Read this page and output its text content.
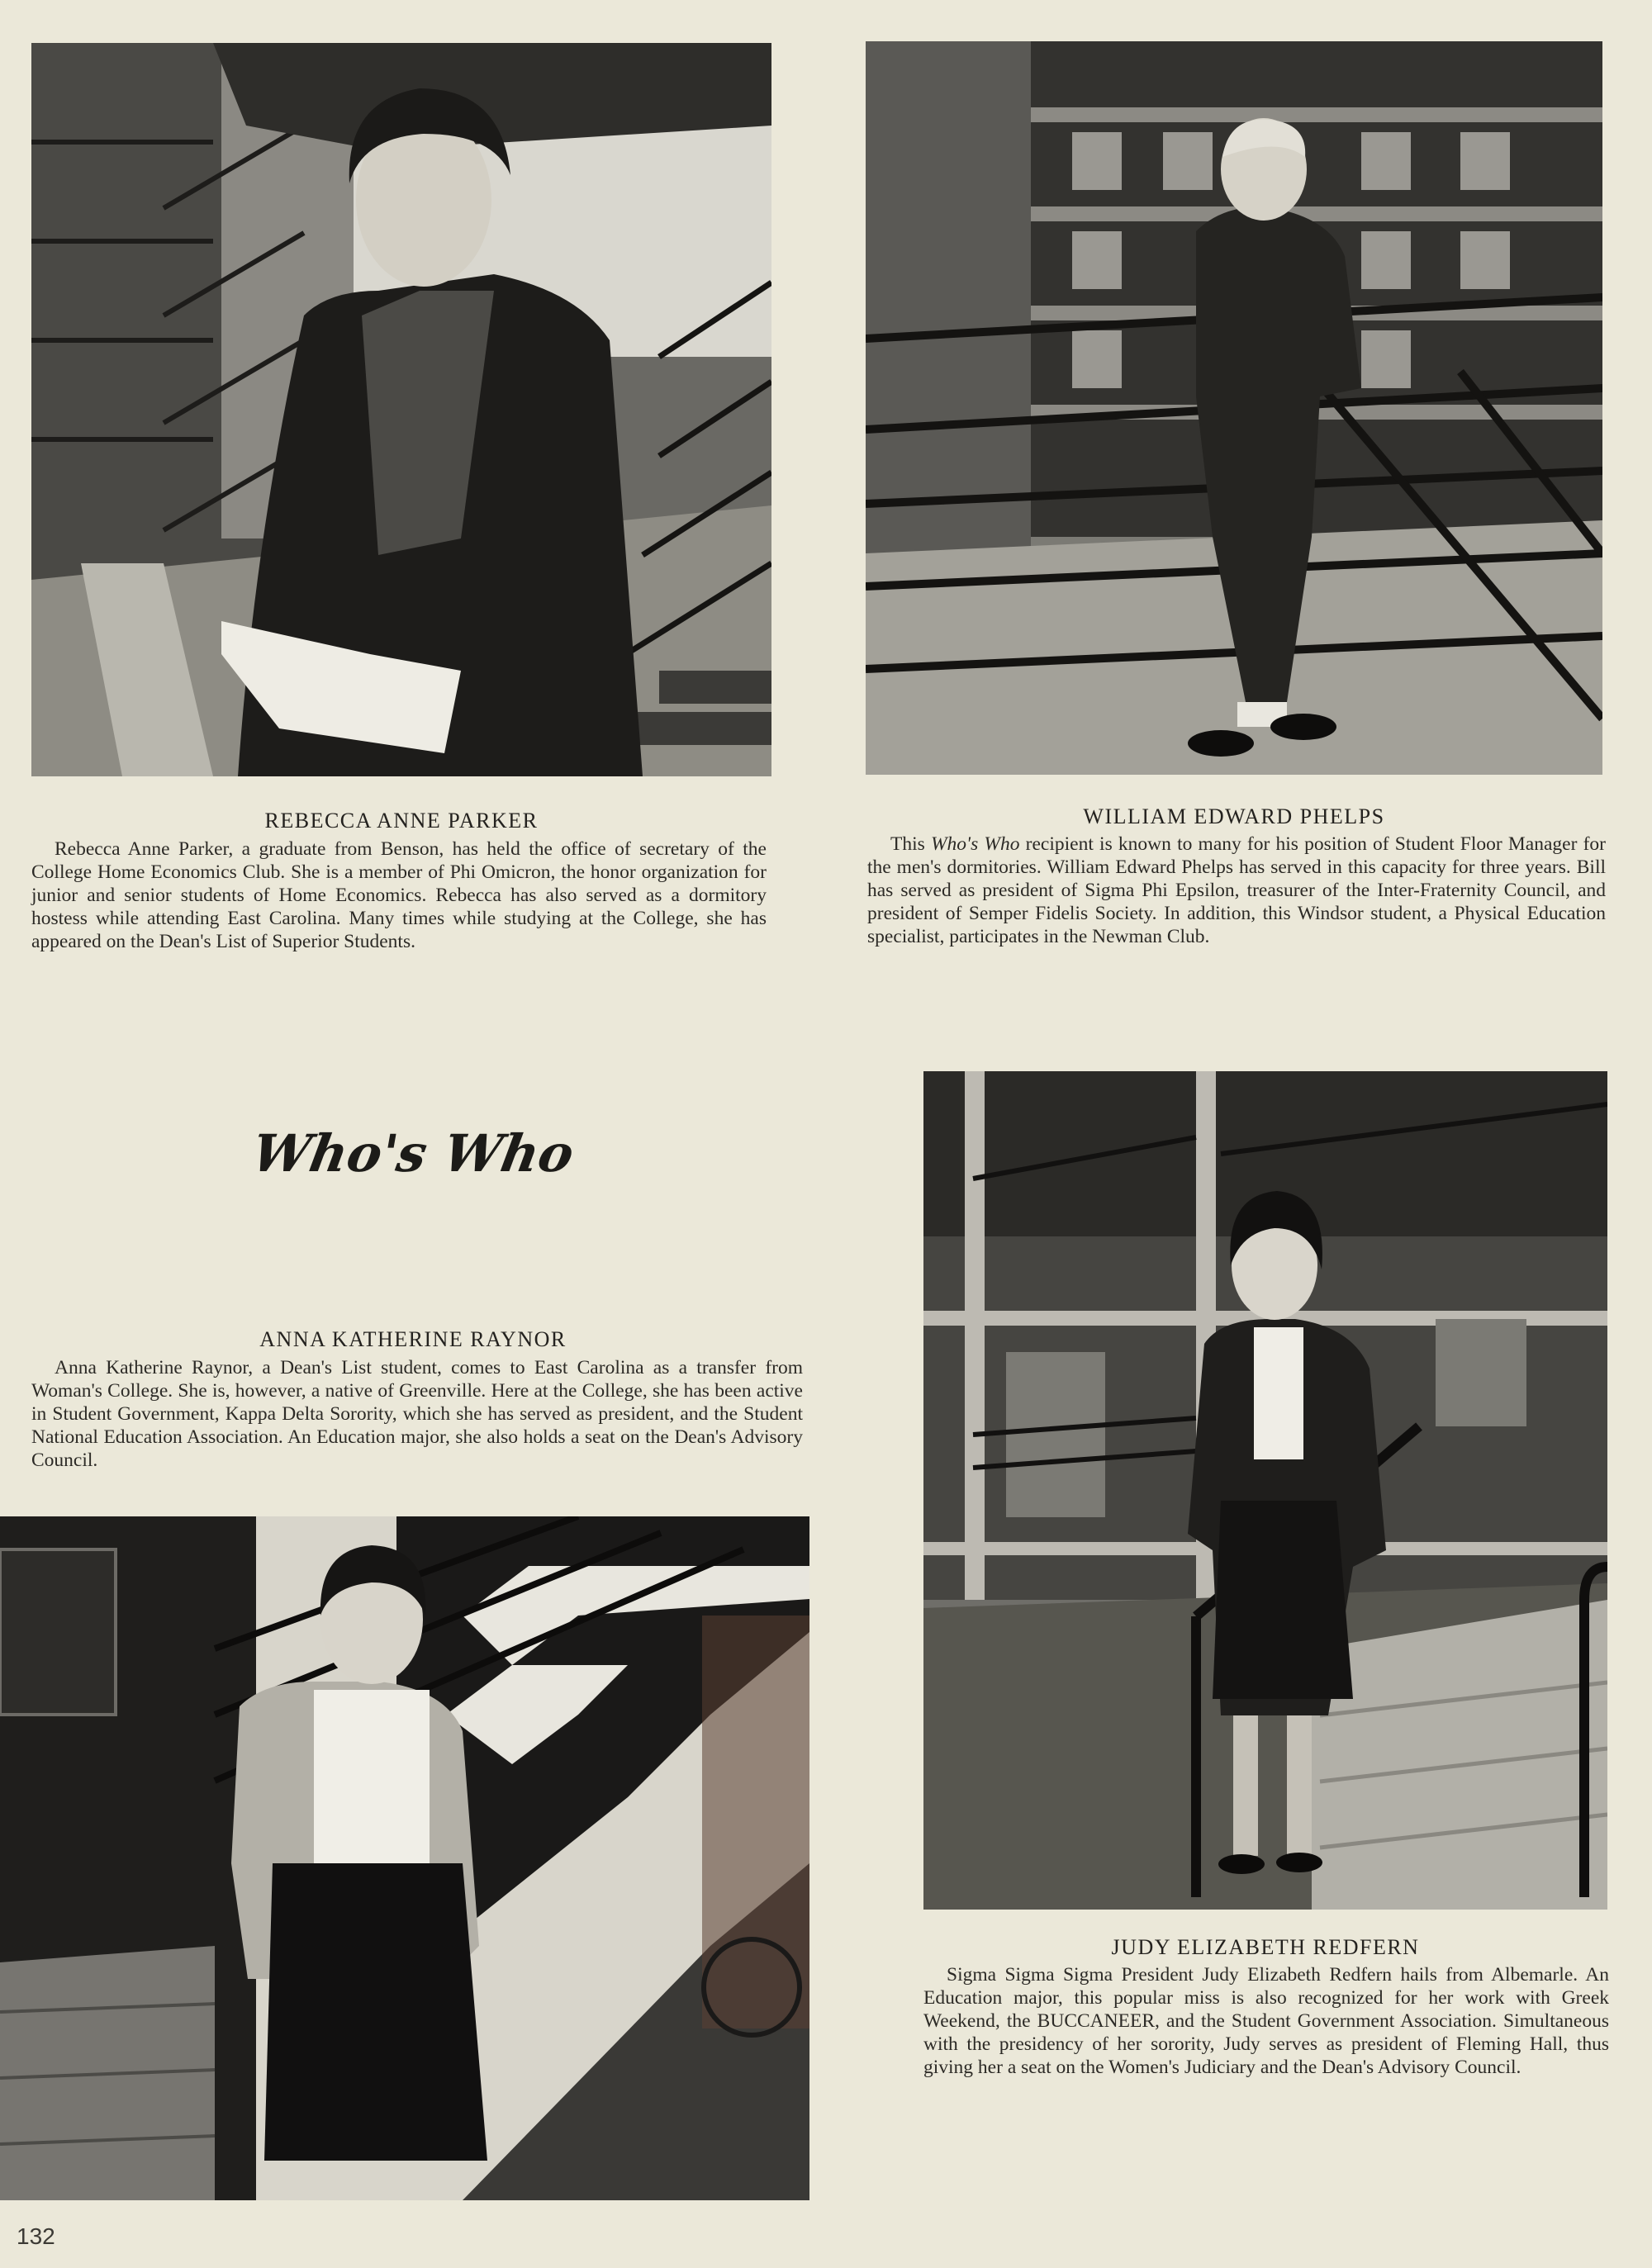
REBECCA ANNE PARKER
Rebecca Anne Parker, a graduate from Benson, has held the office of secretary of the College Home Economics Club. She is a member of Phi Omicron, the honor organization for junior and senior students of Home Economics. Rebecca has also served as a dormitory hostess while attending East Carolina. Many times while studying at the College, she has appeared on the Dean's List of Superior Students.
WILLIAM EDWARD PHELPS
This Who's Who recipient is known to many for his position of Student Floor Manager for the men's dormitories. William Edward Phelps has served in this capacity for three years. Bill has served as president of Sigma Phi Epsilon, treasurer of the Inter-Fraternity Council, and president of Semper Fidelis Society. In addition, this Windsor student, a Physical Education specialist, participates in the Newman Club.
Who's Who
ANNA KATHERINE RAYNOR
Anna Katherine Raynor, a Dean's List student, comes to East Carolina as a transfer from Woman's College. She is, however, a native of Greenville. Here at the College, she has been active in Student Government, Kappa Delta Sorority, which she has served as president, and the Student National Education Association. An Education major, she also holds a seat on the Dean's Advisory Council.
JUDY ELIZABETH REDFERN
Sigma Sigma Sigma President Judy Elizabeth Redfern hails from Albemarle. An Education major, this popular miss is also recognized for her work with Greek Weekend, the BUCCANEER, and the Student Government Association. Simultaneous with the presidency of her sorority, Judy serves as president of Fleming Hall, thus giving her a seat on the Women's Judiciary and the Dean's Advisory Council.
132
